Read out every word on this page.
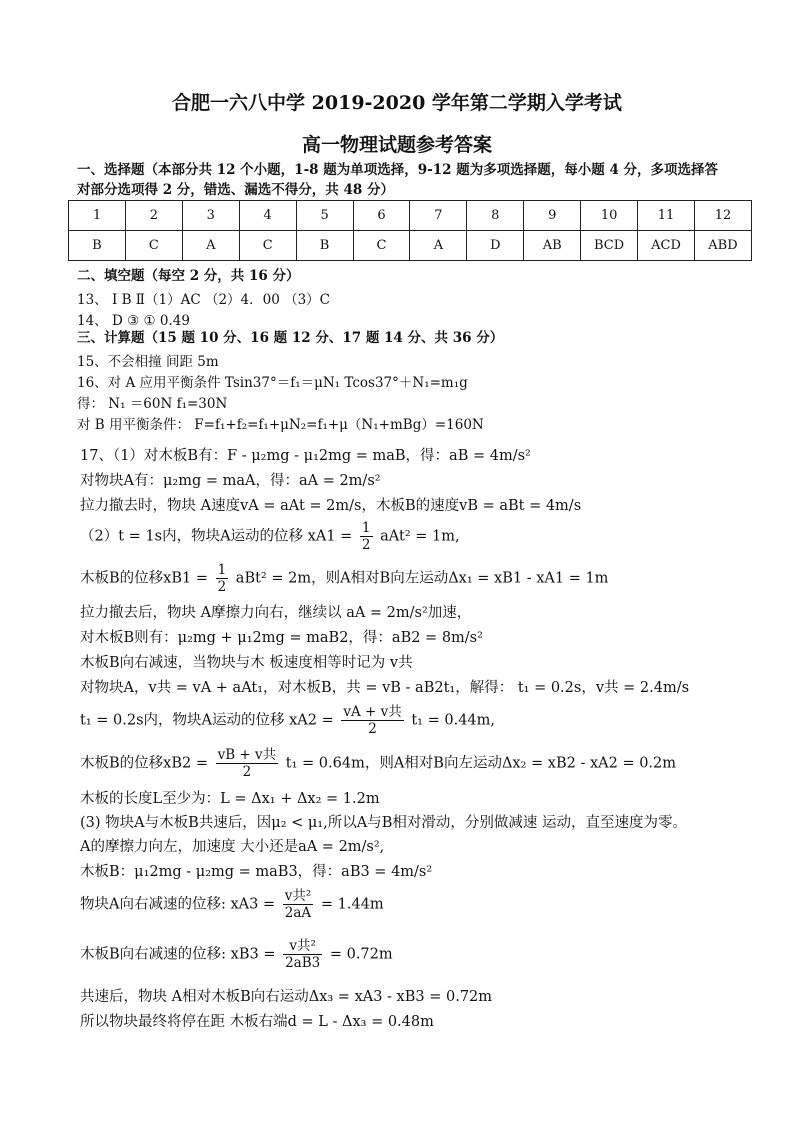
合肥一六八中学 2019-2020 学年第二学期入学考试
高一物理试题参考答案
一、选择题（本部分共 12 个小题，1-8 题为单项选择，9-12 题为多项选择题，每小题 4 分，多项选择答对部分选项得 2 分，错选、漏选不得分，共 48 分）
1	2	3	4	5	6	7	8	9	10	11	12
B	C	A	C	B	C	A	D	AB	BCD	ACD	ABD
二、填空题（每空 2 分，共 16 分）
13、 Ⅰ B Ⅱ（1）AC （2）4．00 （3）C
14、 D ③ ① 0.49
三、计算题（15 题 10 分、16 题 12 分、17 题 14 分、共 36 分）
15、不会相撞 间距 5m
16、对 A 应用平衡条件 Tsin37°＝f₁＝μN₁ Tcos37°＋N₁=m₁g
得： N₁ ＝60N f₁=30N
对 B 用平衡条件： F=f₁+f₂=f₁+μN₂=f₁+μ（N₁+mBg）=160N
17、（1）对木板B有：F - μ₂mg - μ₁2mg = maB，得：aB = 4m/s²
对物块A有：μ₂mg = maA，得：aA = 2m/s²
拉力撤去时，物块 A速度vA = aAt = 2m/s，木板B的速度vB = aBt = 4m/s
（2）t = 1s内，物块A运动的位移 $xA1 = \frac{1}{2} aAt^2 = 1m$,
木板B的位移$xB1 = \frac{1}{2} aBt^2 = 2m$，则A相对B向左运动Δx₁ = xB1 - xA1 = 1m
拉力撤去后，物块 A摩擦力向右，继续以 aA = 2m/s²加速，
对木板B则有：μ₂mg + μ₁2mg = maB2，得：aB2 = 8m/s²
木板B向右减速，当物块与木 板速度相等时记为 v共
对物块A，v共 = vA + aAt₁，对木板B，共 = vB - aB2t₁，解得： t₁ = 0.2s，v共 = 2.4m/s
t₁ = 0.2s内，物块A运动的位移 $xA2 = \frac{\text{vA + v共}}{2} t_1 = 0.44m$,
木板B的位移$xB2 = \frac{\text{vB + v共}}{2} t_1 = 0.64m$，则A相对B向左运动Δx₂ = xB2 - xA2 = 0.2m
木板的长度L至少为：L = Δx₁ + Δx₂ = 1.2m
(3) 物块A与木板B共速后，因μ₂ < μ₁,所以A与B相对滑动，分别做减速 运动，直至速度为零。
A的摩擦力向左，加速度 大小还是aA = 2m/s²,
木板B：μ₁2mg - μ₂mg = maB3，得：aB3 = 4m/s²
物块A向右减速的位移: $xA3 = \frac{\text{v共²}}{2aA} = 1.44m$
木板B向右减速的位移: $xB3 = \frac{\text{v共²}}{2aB3} = 0.72m$
共速后，物块 A相对木板B向右运动Δx₃ = xA3 - xB3 = 0.72m
所以物块最终将停在距 木板右端d = L - Δx₃ = 0.48m
